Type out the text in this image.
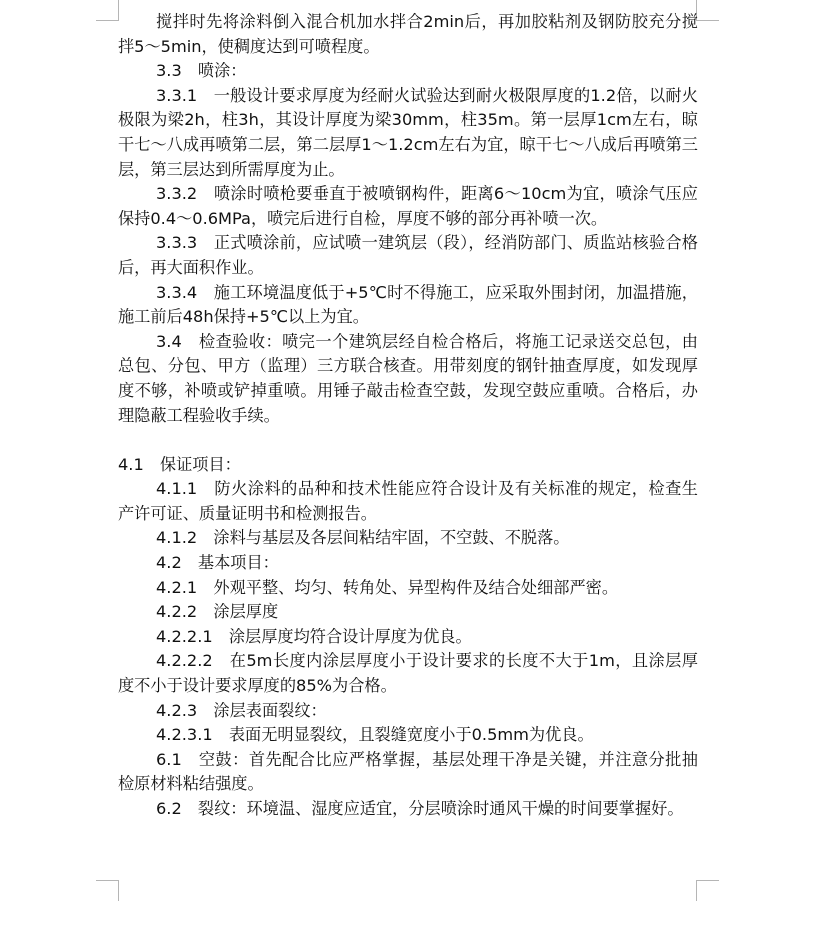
搅拌时先将涂料倒入混合机加水拌合2min后，再加胶粘剂及钢防胶充分搅拌5～5min，使稠度达到可喷程度。

3.3　喷涂：

3.3.1　一般设计要求厚度为经耐火试验达到耐火极限厚度的1.2倍，以耐火极限为梁2h，柱3h，其设计厚度为梁30mm，柱35m。第一层厚1cm左右，晾干七～八成再喷第二层，第二层厚1～1.2cm左右为宜，晾干七～八成后再喷第三层，第三层达到所需厚度为止。

3.3.2　喷涂时喷枪要垂直于被喷钢构件，距离6～10cm为宜，喷涂气压应保持0.4～0.6MPa，喷完后进行自检，厚度不够的部分再补喷一次。

3.3.3　正式喷涂前，应试喷一建筑层（段），经消防部门、质监站核验合格后，再大面积作业。

3.3.4　施工环境温度低于+5℃时不得施工，应采取外围封闭，加温措施，施工前后48h保持+5℃以上为宜。

3.4　检查验收：喷完一个建筑层经自检合格后，将施工记录送交总包，由总包、分包、甲方（监理）三方联合核查。用带刻度的钢针抽查厚度，如发现厚度不够，补喷或铲掉重喷。用锤子敲击检查空鼓，发现空鼓应重喷。合格后，办理隐蔽工程验收手续。

4.1　保证项目：

4.1.1　防火涂料的品种和技术性能应符合设计及有关标准的规定，检查生产许可证、质量证明书和检测报告。

4.1.2　涂料与基层及各层间粘结牢固，不空鼓、不脱落。

4.2　基本项目：

4.2.1　外观平整、均匀、转角处、异型构件及结合处细部严密。

4.2.2　涂层厚度

4.2.2.1　涂层厚度均符合设计厚度为优良。

4.2.2.2　在5m长度内涂层厚度小于设计要求的长度不大于1m，且涂层厚度不小于设计要求厚度的85%为合格。

4.2.3　涂层表面裂纹：

4.2.3.1　表面无明显裂纹，且裂缝宽度小于0.5mm为优良。

6.1　空鼓：首先配合比应严格掌握，基层处理干净是关键，并注意分批抽检原材料粘结强度。

6.2　裂纹：环境温、湿度应适宜，分层喷涂时通风干燥的时间要掌握好。
